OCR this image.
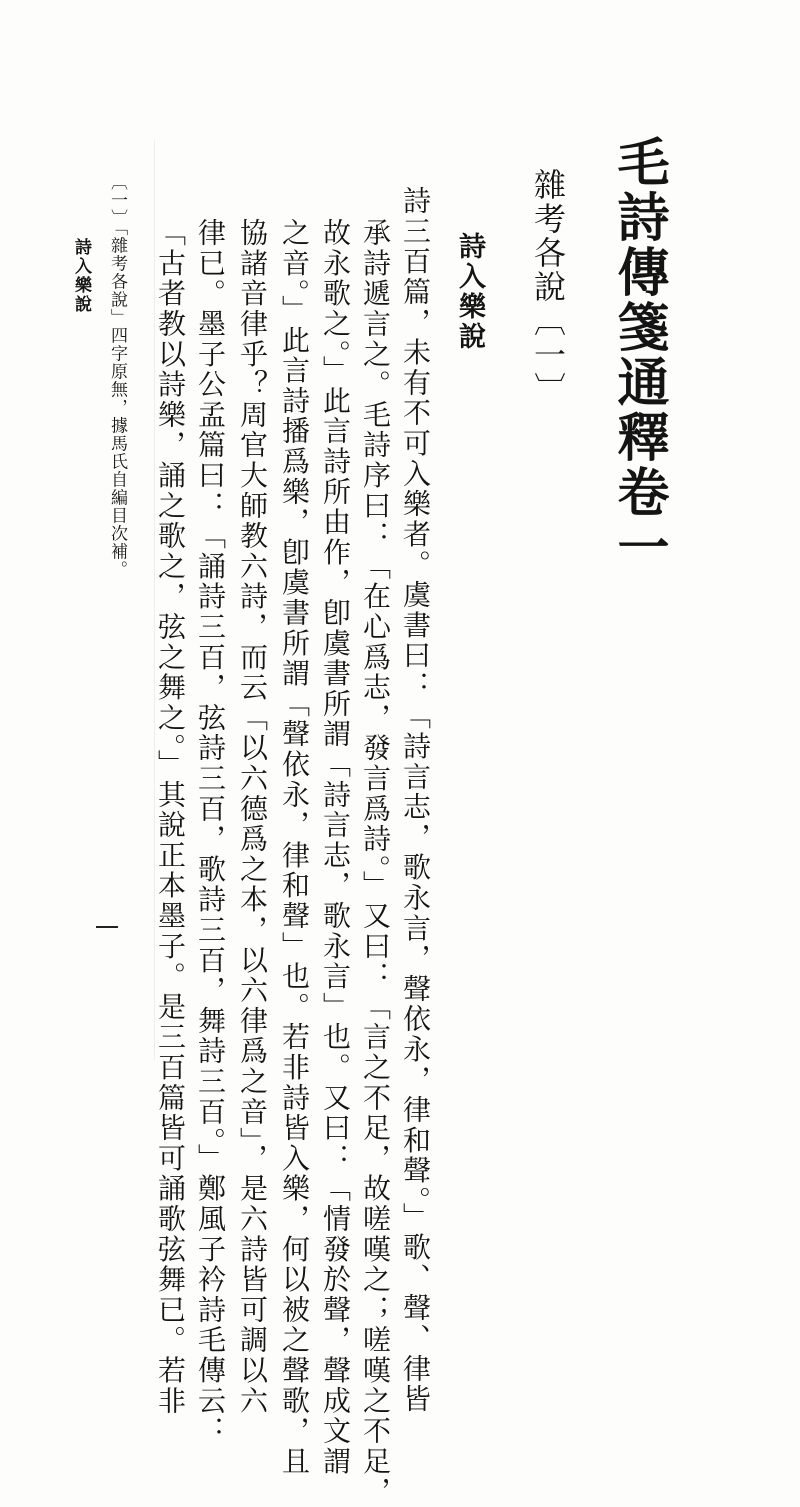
毛詩傳箋通釋卷一
雜考各說〔一〕
詩入樂說
詩三百篇，未有不可入樂者。虞書曰：「詩言志，歌永言，聲依永，律和聲。」歌、聲、律皆
承詩遞言之。毛詩序曰：「在心爲志，發言爲詩。」又曰：「言之不足，故嗟嘆之；嗟嘆之不足，
故永歌之。」此言詩所由作，卽虞書所謂「詩言志，歌永言」也。又曰：「情發於聲，聲成文謂
之音。」此言詩播爲樂，卽虞書所謂「聲依永，律和聲」也。若非詩皆入樂，何以被之聲歌，且
協諸音律乎？周官大師教六詩，而云「以六德爲之本，以六律爲之音」，是六詩皆可調以六
律已。墨子公孟篇曰：「誦詩三百，弦詩三百，歌詩三百，舞詩三百。」鄭風子衿詩毛傳云：
「古者教以詩樂，誦之歌之，弦之舞之。」其說正本墨子。是三百篇皆可誦歌弦舞已。若非
〔一〕「雜考各說」四字原無，據馬氏自編目次補。
詩入樂說
